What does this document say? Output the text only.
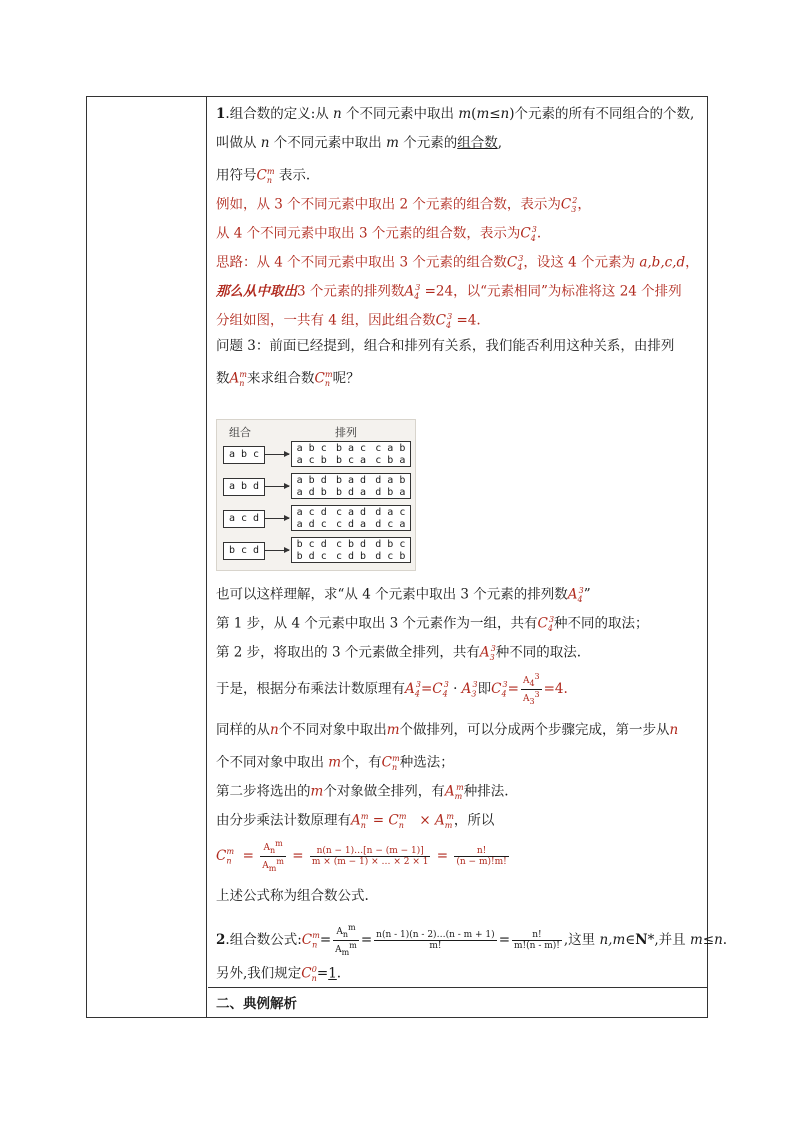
1.组合数的定义:从 n 个不同元素中取出 m(m≤n)个元素的所有不同组合的个数,
叫做从 n 个不同元素中取出 m 个元素的组合数,
用符号$C_n^m$ 表示.
例如，从 3 个不同元素中取出 2 个元素的组合数，表示为$C_3^2$，
从 4 个不同元素中取出 3 个元素的组合数，表示为$C_4^3$.
思路：从 4 个不同元素中取出 3 个元素的组合数$C_4^3$，设这 4 个元素为 a,b,c,d，
那么从中取出3 个元素的排列数$A_4^3 =24$，以“元素相同”为标准将这 24 个排列
分组如图，一共有 4 组，因此组合数$C_4^3 =4$.
问题 3：前面已经提到，组合和排列有关系，我们能否利用这种关系，由排列
数$A_n^m$来求组合数$C_n^m$呢？
组合	排列
a b c
a b c b a c c a b
a c b b c a c b a
a b d
a b d b a d d a b
a d b b d a d b a
a c d
a c d c a d d a c
a d c c d a d c a
b c d
b c d c b d d b c
b d c c d b d c b
也可以这样理解，求“从 4 个元素中取出 3 个元素的排列数$A_4^3$”
第 1 步，从 4 个元素中取出 3 个元素作为一组，共有$C_4^3$种不同的取法；
第 2 步，将取出的 3 个元素做全排列，共有$A_3^3$种不同的取法.
于是，根据分布乘法计数原理有$A_4^3=C_4^3 \cdot A_3^3$即$C_4^3= \frac{A_4^3}{A_3^3} =4$.
同样的从n个不同对象中取出m个做排列，可以分成两个步骤完成，第一步从n
个不同对象中取出 m个，有$C_n^m$种选法；
第二步将选出的m个对象做全排列，有$A_m^m$种排法.
由分步乘法计数原理有$A_n^m = C_n^m \times A_m^m$，所以
$C_n^m = \frac{A_n^m}{A_m^m} = \frac{n(n - 1)\dots[n - (m - 1)]}{m \times (m - 1) \times \dots \times 2 \times 1} = \frac{n!}{(n - m)!m!}$
上述公式称为组合数公式.
2.组合数公式$:C_n^m= \frac{A_n^m}{A_m^m} = \frac{n(n - 1)(n - 2)\dots(n - m + 1)}{m!} = \frac{n!}{m!(n - m)!}$ ,这里 n,m∈N*,并且 m≤n.
另外,我们规定$C_n^0=1$.
二、典例解析
